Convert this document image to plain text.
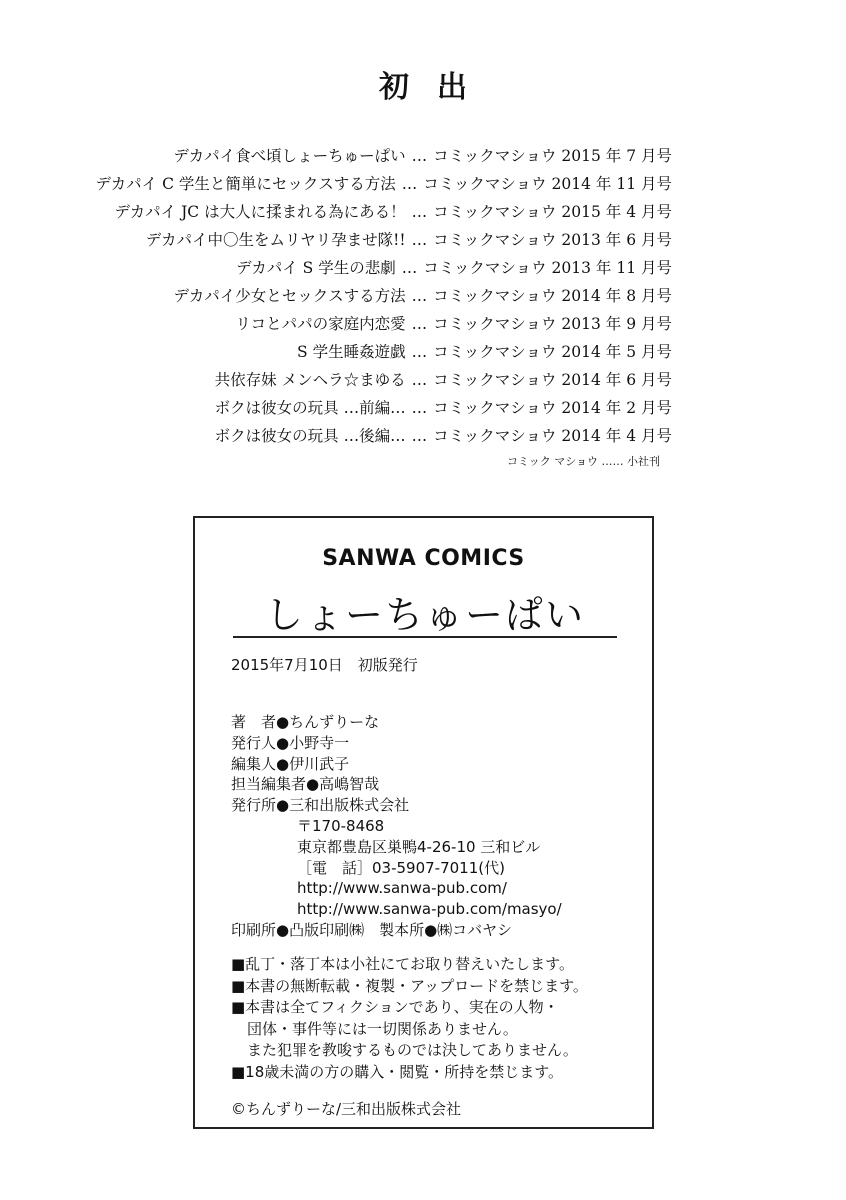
初出
デカパイ食べ頃しょーちゅーぱい … コミックマショウ 2015 年 7 月号
デカパイ C 学生と簡単にセックスする方法 … コミックマショウ 2014 年 11 月号
デカパイ JC は大人に揉まれる為にある！ … コミックマショウ 2015 年 4 月号
デカパイ中〇生をムリヤリ孕ませ隊!! … コミックマショウ 2013 年 6 月号
デカパイ S 学生の悲劇 … コミックマショウ 2013 年 11 月号
デカパイ少女とセックスする方法 … コミックマショウ 2014 年 8 月号
リコとパパの家庭内恋愛 … コミックマショウ 2013 年 9 月号
S 学生睡姦遊戯 … コミックマショウ 2014 年 5 月号
共依存妹 メンヘラ☆まゆる … コミックマショウ 2014 年 6 月号
ボクは彼女の玩具 …前編… … コミックマショウ 2014 年 2 月号
ボクは彼女の玩具 …後編… … コミックマショウ 2014 年 4 月号
コミック マショウ …… 小社刊
SANWA COMICS
しょーちゅーぱい
2015年7月10日　初版発行
著　者●ちんずりーな
発行人●小野寺一
編集人●伊川武子
担当編集者●高嶋智哉
発行所●三和出版株式会社
〒170-8468
東京都豊島区巣鴨4-26-10 三和ビル
［電　話］03-5907-7011(代)
http://www.sanwa-pub.com/
http://www.sanwa-pub.com/masyo/
印刷所●凸版印刷㈱　製本所●㈱コバヤシ
■乱丁・落丁本は小社にてお取り替えいたします。
■本書の無断転載・複製・アップロードを禁じます。
■本書は全てフィクションであり、実在の人物・
団体・事件等には一切関係ありません。
また犯罪を教唆するものでは決してありません。
■18歳未満の方の購入・閲覧・所持を禁じます。
©ちんずりーな/三和出版株式会社
